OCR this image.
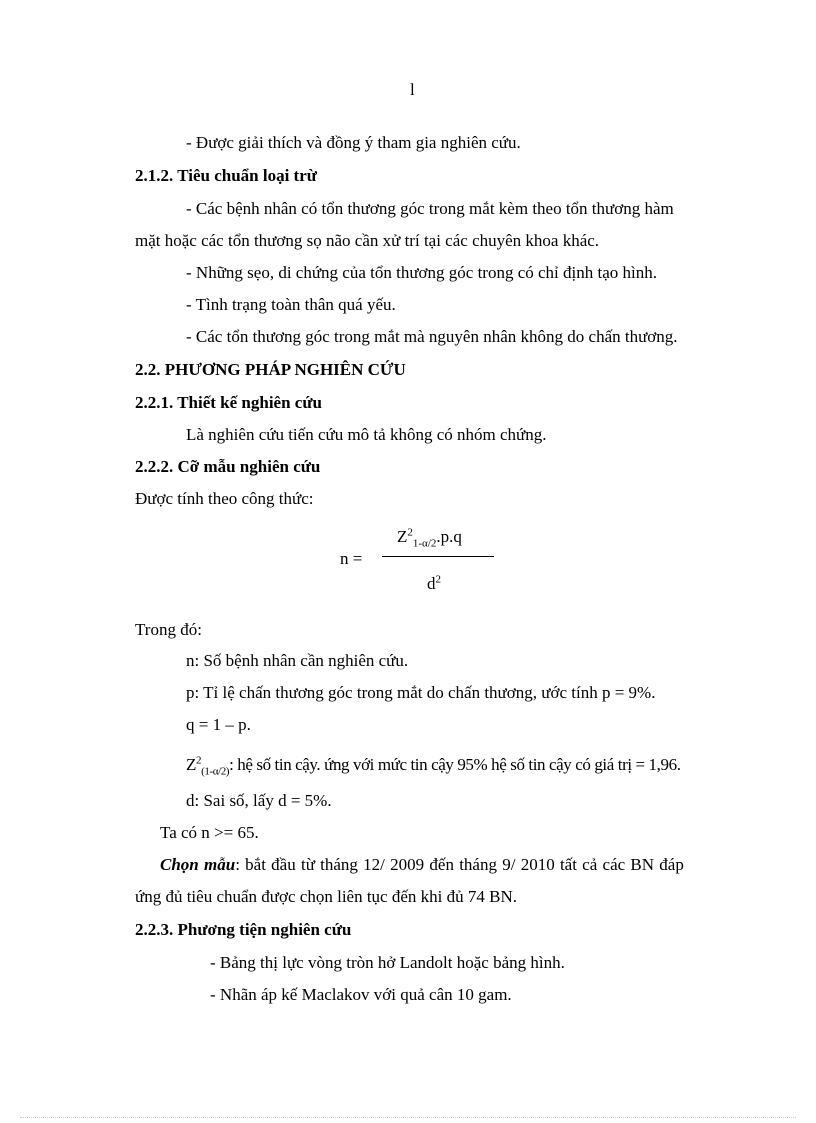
l
- Được giải thích và đồng ý tham gia nghiên cứu.
2.1.2. Tiêu chuẩn loại trừ
- Các bệnh nhân có tổn thương góc trong mắt kèm theo tổn thương hàm
mặt hoặc các tổn thương sọ não cần xử trí tại các chuyên khoa khác.
- Những sẹo, di chứng của tổn thương góc trong có chỉ định tạo hình.
- Tình trạng toàn thân quá yếu.
- Các tổn thương góc trong mắt mà nguyên nhân không do chấn thương.
2.2. PHƯƠNG PHÁP NGHIÊN CỨU
2.2.1. Thiết kế nghiên cứu
Là nghiên cứu tiến cứu mô tả không có nhóm chứng.
2.2.2. Cỡ mẫu nghiên cứu
Được tính theo công thức:
$Z^2_{1-\alpha/2}.p.q$
n =
$d^2$
Trong đó:
n: Số bệnh nhân cần nghiên cứu.
p: Tỉ lệ chấn thương góc trong mắt do chấn thương, ước tính p = 9%.
q = 1 – p.
$Z^2_{(1-\alpha/2)}$: hệ số tin cậy. ứng với mức tin cậy 95% hệ số tin cậy có giá trị = 1,96.
d: Sai số, lấy d = 5%.
Ta có n >= 65.
Chọn mẫu: bắt đầu từ tháng 12/ 2009 đến tháng 9/ 2010 tất cả các BN đáp
ứng đủ tiêu chuẩn được chọn liên tục đến khi đủ 74 BN.
2.2.3. Phương tiện nghiên cứu
- Bảng thị lực vòng tròn hở Landolt hoặc bảng hình.
- Nhãn áp kế Maclakov với quả cân 10 gam.
